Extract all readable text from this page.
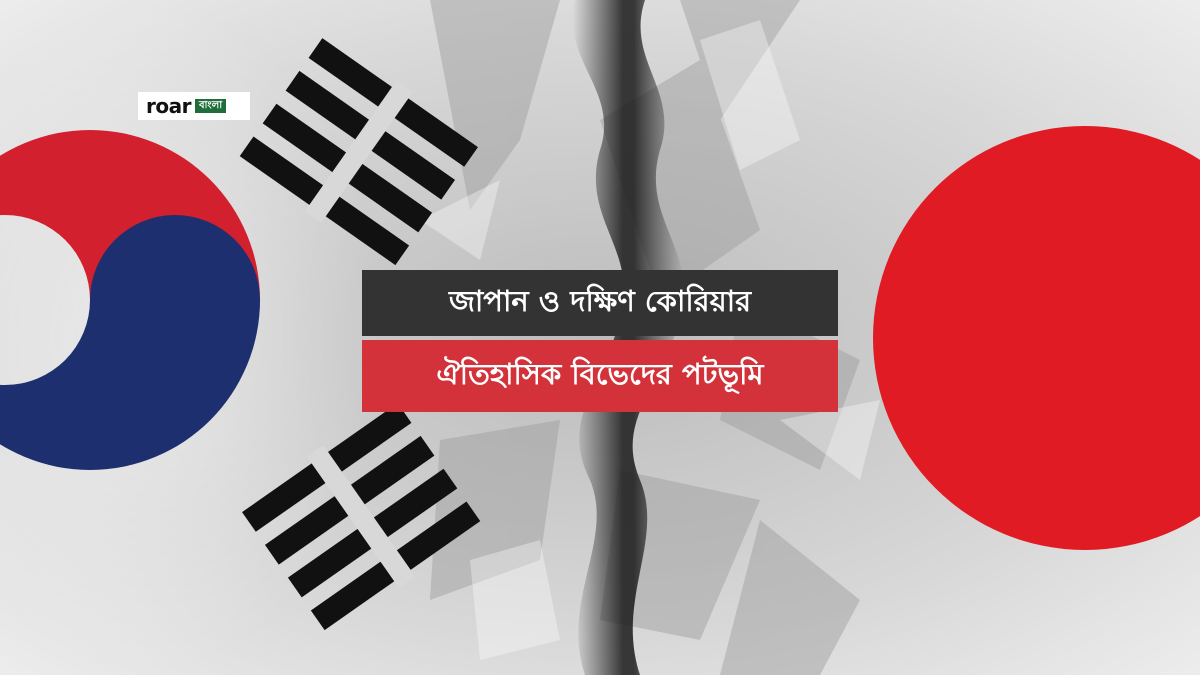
roar বাংলা
জাপান ও দক্ষিণ কোরিয়ার
ঐতিহাসিক বিভেদের পটভূমি
